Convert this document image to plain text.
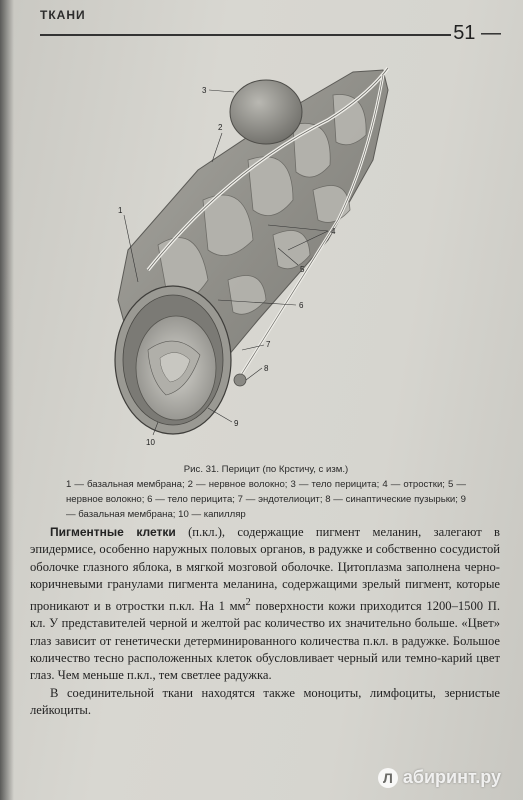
ТКАНИ
51 —
3
2
1
4
5
6
7
8
9
10
Рис. 31. Перицит (по Крстичу, с изм.)
1 — базальная мембрана; 2 — нервное волокно; 3 — тело перицита; 4 — отростки; 5 — нервное волокно; 6 — тело перицита; 7 — эндотелиоцит; 8 — синаптические пузырьки; 9 — базальная мембрана; 10 — капилляр

Пигментные клетки (п.кл.), содержащие пигмент меланин, залегают в эпидермисе, особенно наружных половых органов, в радужке и собственно сосудистой оболочке глазного яблока, в мягкой мозговой оболочке. Цитоплазма заполнена черно-коричневыми гранулами пигмента меланина, содержащими зрелый пигмент, которые проникают и в отростки п.кл. На 1 $мм^2$ поверхности кожи приходится 1200–1500 П. кл. У представителей черной и желтой рас количество их значительно больше. «Цвет» глаз зависит от генетически детерминированного количества п.кл. в радужке. Большое количество тесно расположенных клеток обусловливает черный или темно-карий цвет глаз. Чем меньше п.кл., тем светлее радужка.

В соединительной ткани находятся также моноциты, лимфоциты, зернистые лейкоциты.

Л абиринт.ру
